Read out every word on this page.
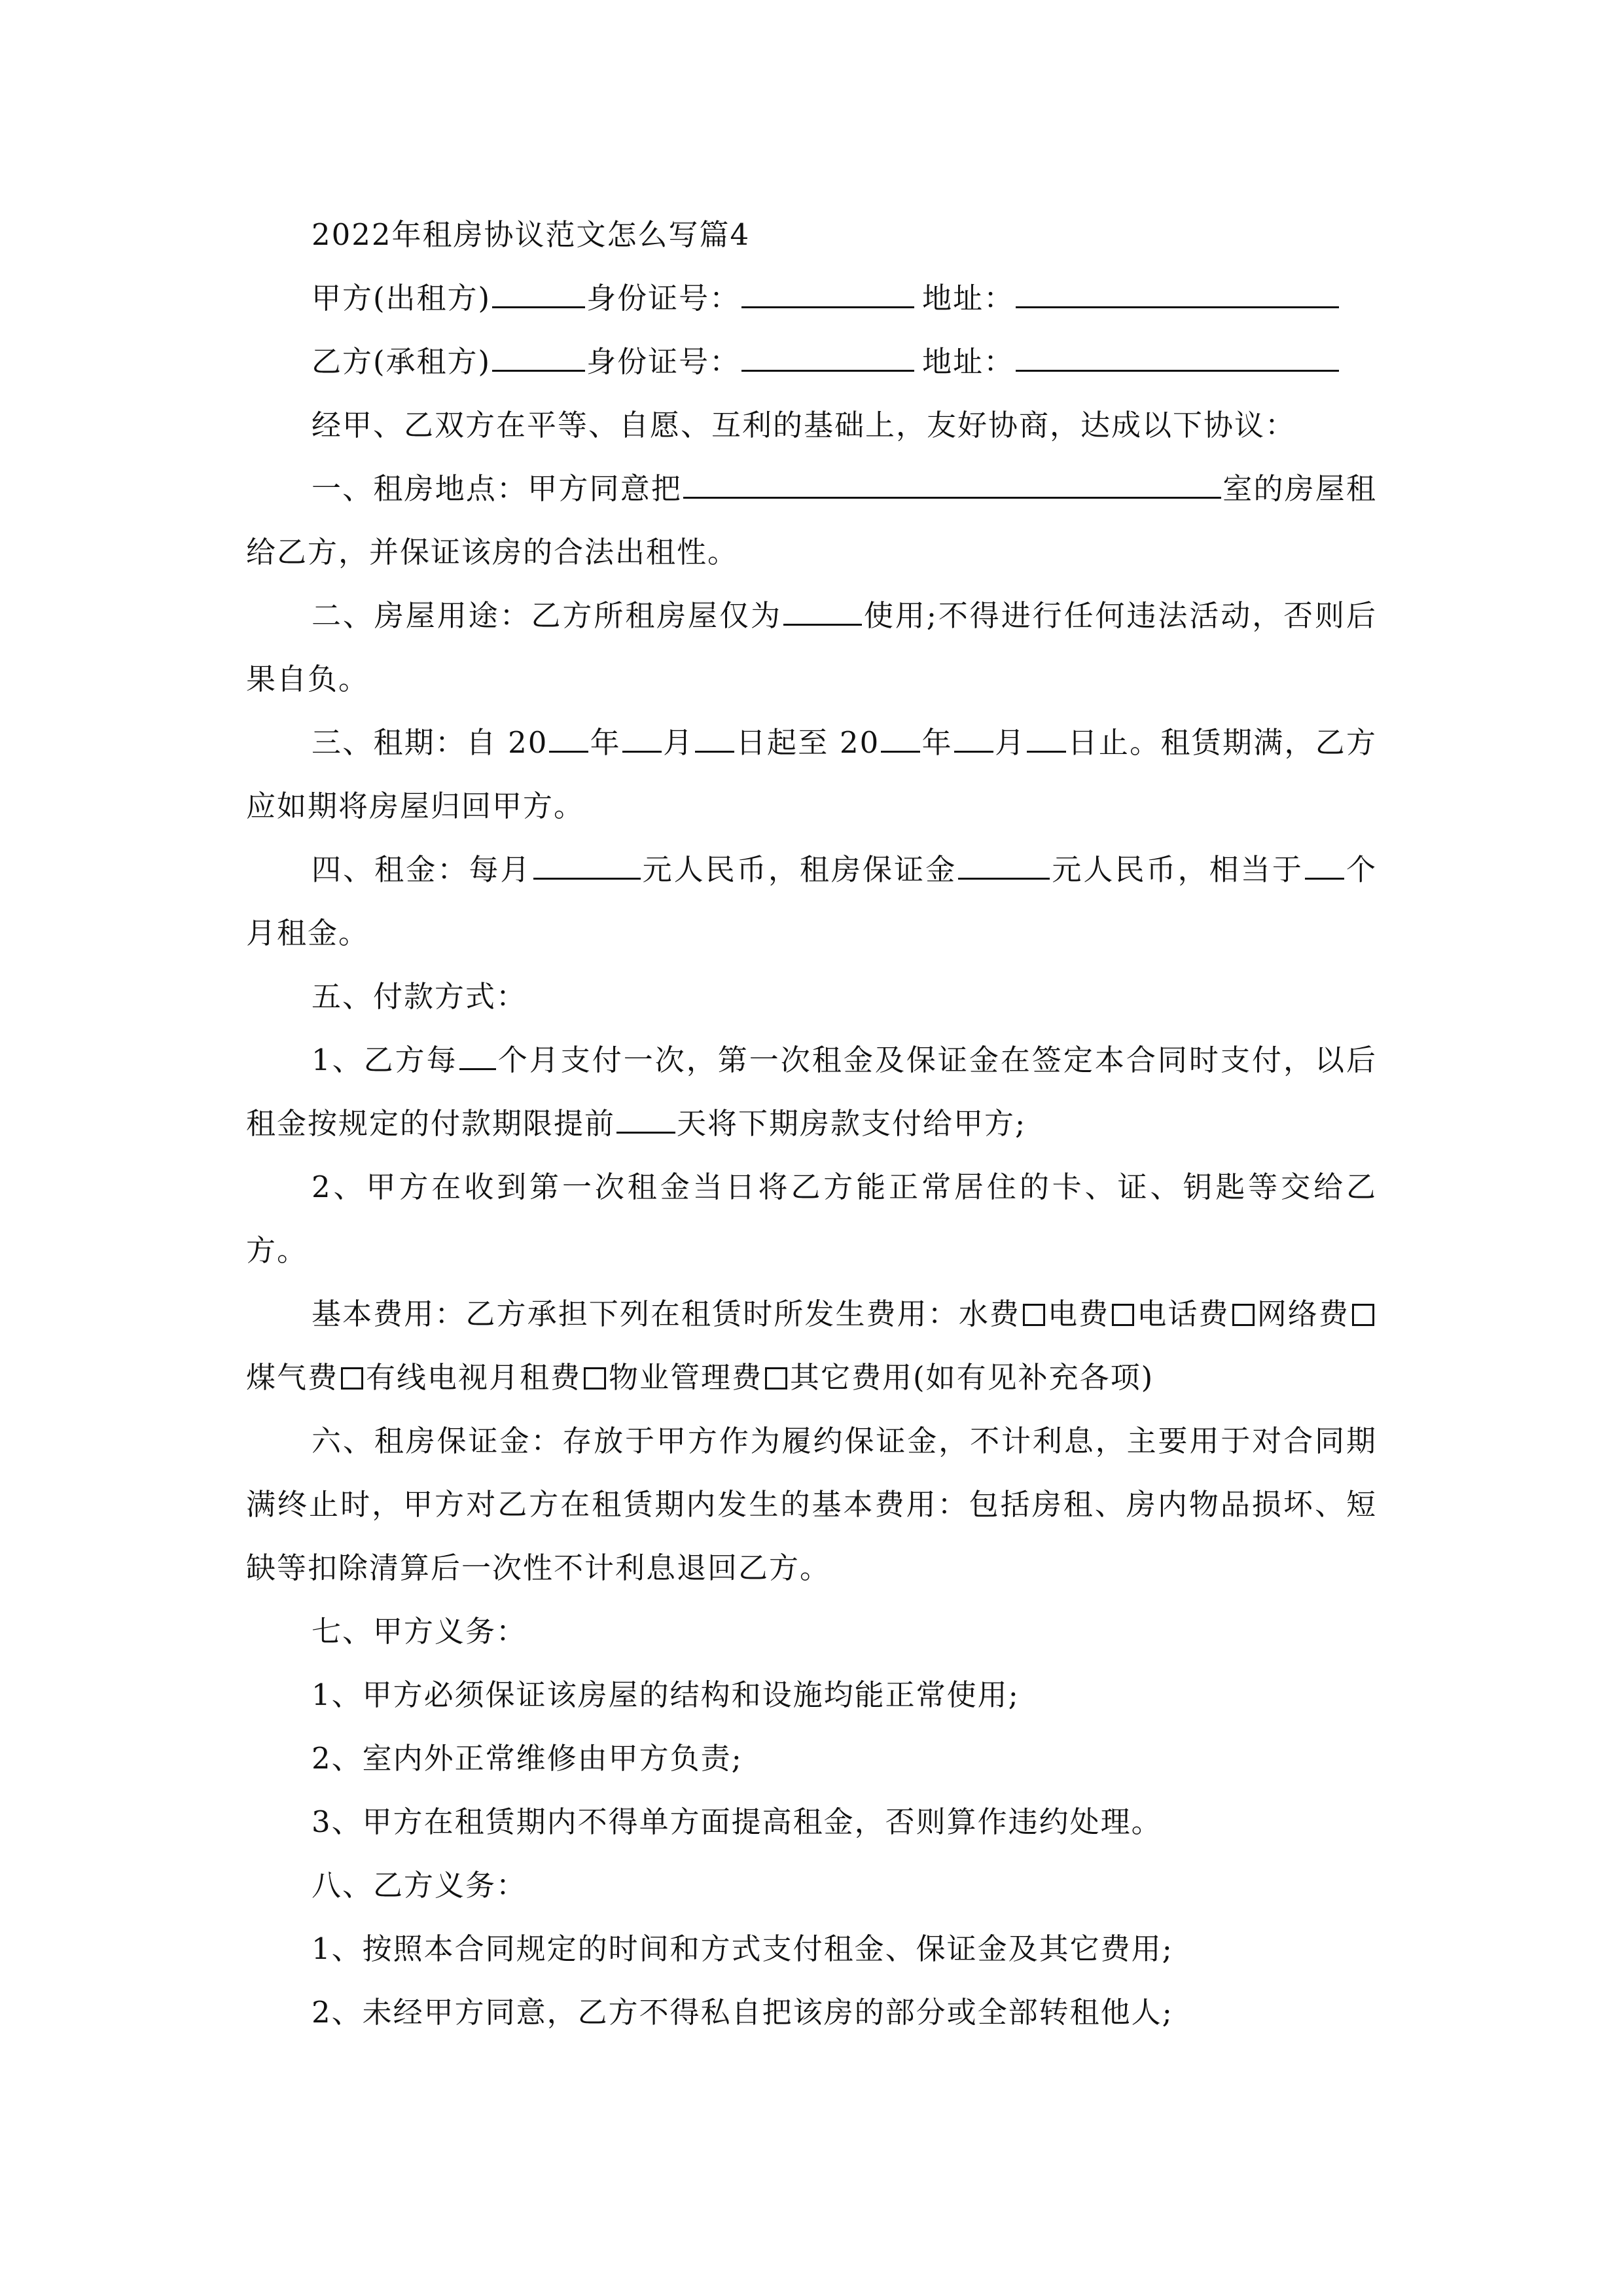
2022年租房协议范文怎么写篇4

甲方(出租方)	身份证号：	地址：

乙方(承租方)	身份证号：	地址：

经甲、乙双方在平等、自愿、互利的基础上，友好协商，达成以下协议：

一、租房地点：甲方同意把	室的房屋租给乙方，并保证该房的合法出租性。

二、房屋用途：乙方所租房屋仅为	使用;不得进行任何违法活动，否则后果自负。

三、租期：自 20 年 月 日起至 20 年 月 日止。租赁期满，乙方应如期将房屋归回甲方。

四、租金：每月	元人民币，租房保证金	元人民币，相当于 个月租金。

五、付款方式：

1、乙方每 个月支付一次，第一次租金及保证金在签定本合同时支付，以后租金按规定的付款期限提前 天将下期房款支付给甲方;

2、甲方在收到第一次租金当日将乙方能正常居住的卡、证、钥匙等交给乙方。

基本费用：乙方承担下列在租赁时所发生费用：水费 电费 电话费 网络费煤气费 有线电视月租费 物业管理费 其它费用(如有见补充各项)

六、租房保证金：存放于甲方作为履约保证金，不计利息，主要用于对合同期满终止时，甲方对乙方在租赁期内发生的基本费用：包括房租、房内物品损坏、短缺等扣除清算后一次性不计利息退回乙方。

七、甲方义务：

1、甲方必须保证该房屋的结构和设施均能正常使用;

2、室内外正常维修由甲方负责;

3、甲方在租赁期内不得单方面提高租金，否则算作违约处理。

八、乙方义务：

1、按照本合同规定的时间和方式支付租金、保证金及其它费用;

2、未经甲方同意，乙方不得私自把该房的部分或全部转租他人;
